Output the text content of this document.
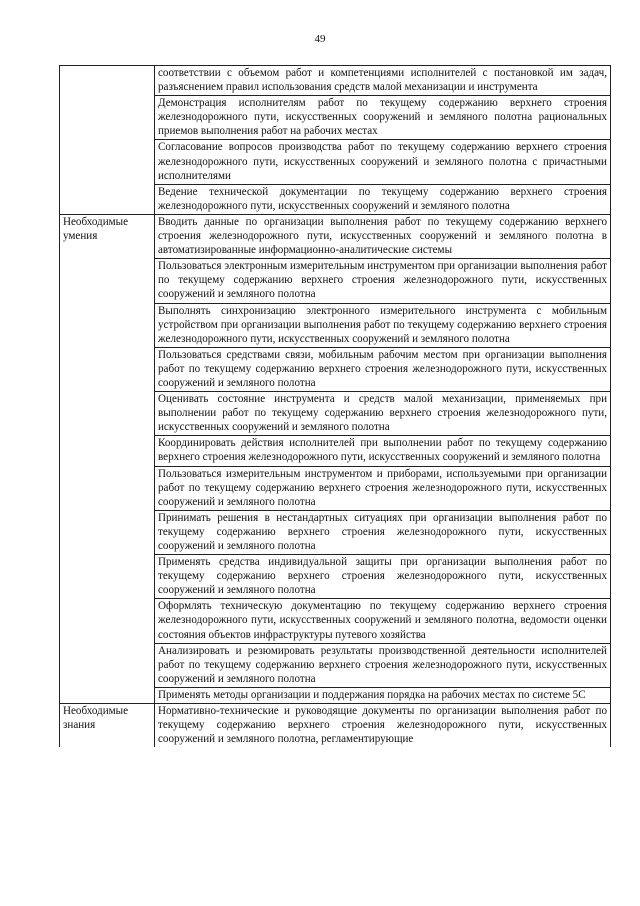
49
	соответствии с объемом работ и компетенциями исполнителей с постановкой им задач, разъяснением правил использования средств малой механизации и инструмента
	Демонстрация исполнителям работ по текущему содержанию верхнего строения железнодорожного пути, искусственных сооружений и земляного полотна рациональных приемов выполнения работ на рабочих местах
	Согласование вопросов производства работ по текущему содержанию верхнего строения железнодорожного пути, искусственных сооружений и земляного полотна с причастными исполнителями
	Ведение технической документации по текущему содержанию верхнего строения железнодорожного пути, искусственных сооружений и земляного полотна
Необходимые умения	Вводить данные по организации выполнения работ по текущему содержанию верхнего строения железнодорожного пути, искусственных сооружений и земляного полотна в автоматизированные информационно-аналитические системы
	Пользоваться электронным измерительным инструментом при организации выполнения работ по текущему содержанию верхнего строения железнодорожного пути, искусственных сооружений и земляного полотна
	Выполнять синхронизацию электронного измерительного инструмента с мобильным устройством при организации выполнения работ по текущему содержанию верхнего строения железнодорожного пути, искусственных сооружений и земляного полотна
	Пользоваться средствами связи, мобильным рабочим местом при организации выполнения работ по текущему содержанию верхнего строения железнодорожного пути, искусственных сооружений и земляного полотна
	Оценивать состояние инструмента и средств малой механизации, применяемых при выполнении работ по текущему содержанию верхнего строения железнодорожного пути, искусственных сооружений и земляного полотна
	Координировать действия исполнителей при выполнении работ по текущему содержанию верхнего строения железнодорожного пути, искусственных сооружений и земляного полотна
	Пользоваться измерительным инструментом и приборами, используемыми при организации работ по текущему содержанию верхнего строения железнодорожного пути, искусственных сооружений и земляного полотна
	Принимать решения в нестандартных ситуациях при организации выполнения работ по текущему содержанию верхнего строения железнодорожного пути, искусственных сооружений и земляного полотна
	Применять средства индивидуальной защиты при организации выполнения работ по текущему содержанию верхнего строения железнодорожного пути, искусственных сооружений и земляного полотна
	Оформлять техническую документацию по текущему содержанию верхнего строения железнодорожного пути, искусственных сооружений и земляного полотна, ведомости оценки состояния объектов инфраструктуры путевого хозяйства
	Анализировать и резюмировать результаты производственной деятельности исполнителей работ по текущему содержанию верхнего строения железнодорожного пути, искусственных сооружений и земляного полотна
	Применять методы организации и поддержания порядка на рабочих местах по системе 5С
Необходимые знания	Нормативно-технические и руководящие документы по организации выполнения работ по текущему содержанию верхнего строения железнодорожного пути, искусственных сооружений и земляного полотна, регламентирующие
